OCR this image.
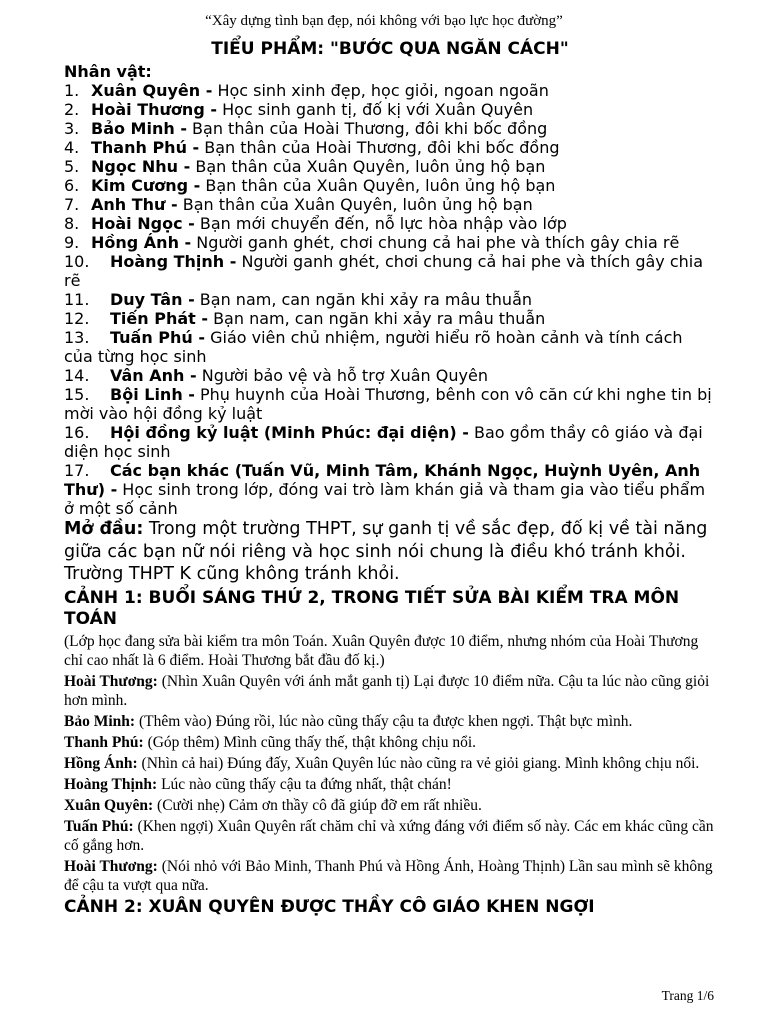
“Xây dựng tình bạn đẹp, nói không với bạo lực học đường”
TIỂU PHẨM: "BƯỚC QUA NGĂN CÁCH"
Nhân vật:
1. Xuân Quyên - Học sinh xinh đẹp, học giỏi, ngoan ngoãn
2. Hoài Thương - Học sinh ganh tị, đố kị với Xuân Quyên
3. Bảo Minh - Bạn thân của Hoài Thương, đôi khi bốc đồng
4. Thanh Phú - Bạn thân của Hoài Thương, đôi khi bốc đồng
5. Ngọc Nhu - Bạn thân của Xuân Quyên, luôn ủng hộ bạn
6. Kim Cương - Bạn thân của Xuân Quyên, luôn ủng hộ bạn
7. Anh Thư - Bạn thân của Xuân Quyên, luôn ủng hộ bạn
8. Hoài Ngọc - Bạn mới chuyển đến, nỗ lực hòa nhập vào lớp
9. Hồng Ánh - Người ganh ghét, chơi chung cả hai phe và thích gây chia rẽ
10. Hoàng Thịnh - Người ganh ghét, chơi chung cả hai phe và thích gây chia rẽ
11. Duy Tân - Bạn nam, can ngăn khi xảy ra mâu thuẫn
12. Tiến Phát - Bạn nam, can ngăn khi xảy ra mâu thuẫn
13. Tuấn Phú - Giáo viên chủ nhiệm, người hiểu rõ hoàn cảnh và tính cách của từng học sinh
14. Vân Anh - Người bảo vệ và hỗ trợ Xuân Quyên
15. Bội Linh - Phụ huynh của Hoài Thương, bênh con vô căn cứ khi nghe tin bị mời vào hội đồng kỷ luật
16. Hội đồng kỷ luật (Minh Phúc: đại diện) - Bao gồm thầy cô giáo và đại diện học sinh
17. Các bạn khác (Tuấn Vũ, Minh Tâm, Khánh Ngọc, Huỳnh Uyên, Anh Thư) - Học sinh trong lớp, đóng vai trò làm khán giả và tham gia vào tiểu phẩm ở một số cảnh
Mở đầu: Trong một trường THPT, sự ganh tị về sắc đẹp, đố kị về tài năng giữa các bạn nữ nói riêng và học sinh nói chung là điều khó tránh khỏi. Trường THPT K cũng không tránh khỏi.
CẢNH 1: BUỔI SÁNG THỨ 2, TRONG TIẾT SỬA BÀI KIỂM TRA MÔN TOÁN
(Lớp học đang sửa bài kiểm tra môn Toán. Xuân Quyên được 10 điểm, nhưng nhóm của Hoài Thương chỉ cao nhất là 6 điểm. Hoài Thương bắt đầu đố kị.)
Hoài Thương: (Nhìn Xuân Quyên với ánh mắt ganh tị) Lại được 10 điểm nữa. Cậu ta lúc nào cũng giỏi hơn mình.
Bảo Minh: (Thêm vào) Đúng rồi, lúc nào cũng thấy cậu ta được khen ngợi. Thật bực mình.
Thanh Phú: (Góp thêm) Mình cũng thấy thế, thật không chịu nổi.
Hồng Ánh: (Nhìn cả hai) Đúng đấy, Xuân Quyên lúc nào cũng ra vẻ giỏi giang. Mình không chịu nổi.
Hoàng Thịnh: Lúc nào cũng thấy cậu ta đứng nhất, thật chán!
Xuân Quyên: (Cười nhẹ) Cảm ơn thầy cô đã giúp đỡ em rất nhiều.
Tuấn Phú: (Khen ngợi) Xuân Quyên rất chăm chỉ và xứng đáng với điểm số này. Các em khác cũng cần cố gắng hơn.
Hoài Thương: (Nói nhỏ với Bảo Minh, Thanh Phú và Hồng Ánh, Hoàng Thịnh) Lần sau mình sẽ không để cậu ta vượt qua nữa.
CẢNH 2: XUÂN QUYÊN ĐƯỢC THẦY CÔ GIÁO KHEN NGỢI
Trang 1/6
